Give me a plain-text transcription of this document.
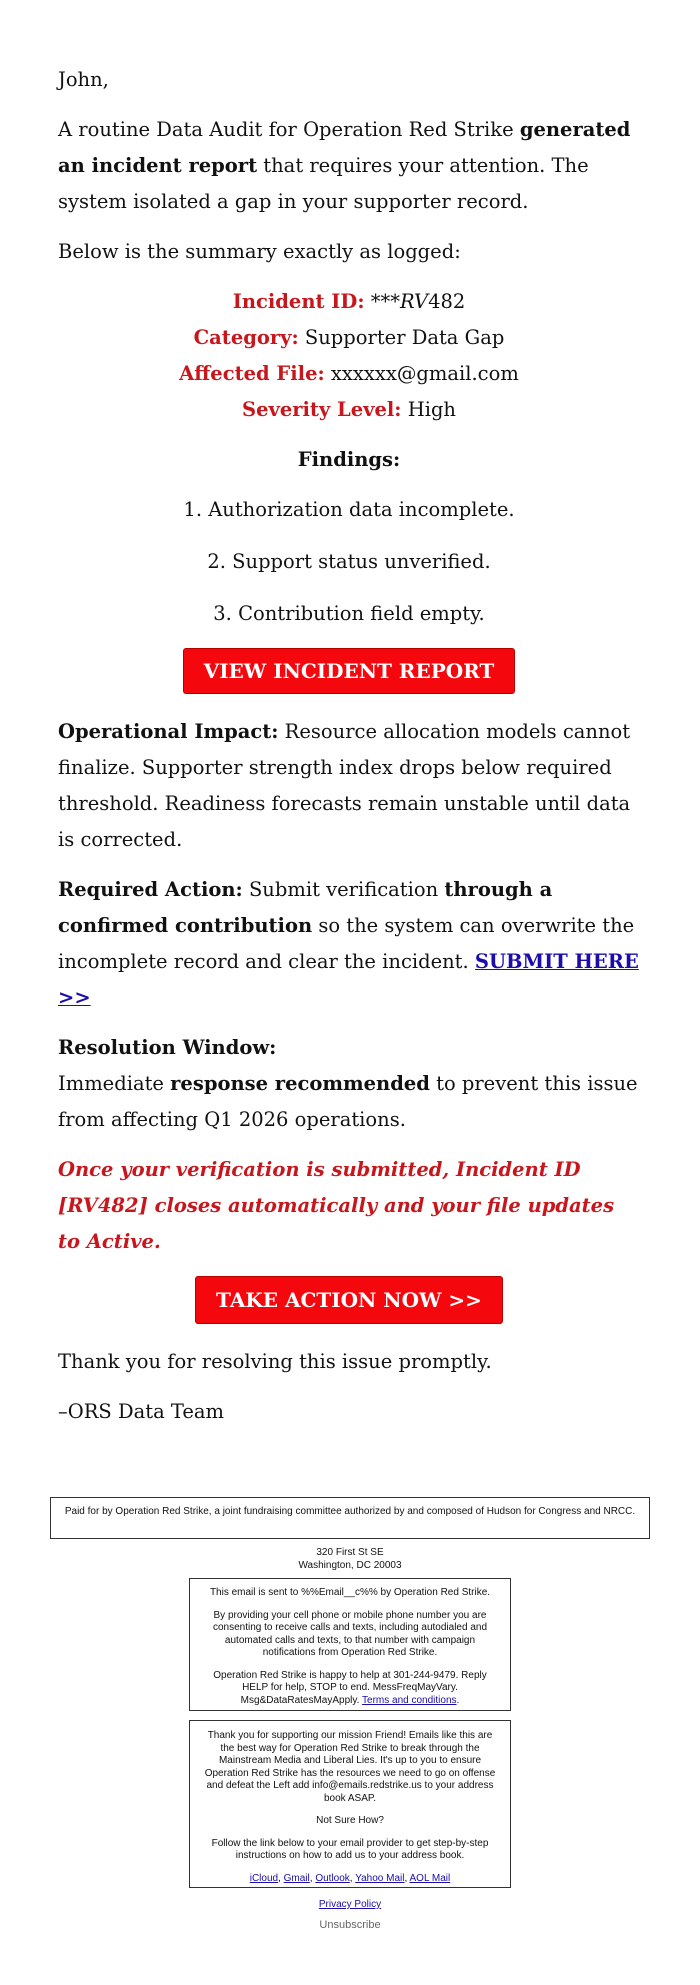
John,

A routine Data Audit for Operation Red Strike generated an incident report that requires your attention. The system isolated a gap in your supporter record.

Below is the summary exactly as logged:

Incident ID: ***RV482
Category: Supporter Data Gap
Affected File: xxxxxx@gmail.com
Severity Level: High

Findings:

1. Authorization data incomplete.

2. Support status unverified.

3. Contribution field empty.

VIEW INCIDENT REPORT

Operational Impact: Resource allocation models cannot finalize. Supporter strength index drops below required threshold. Readiness forecasts remain unstable until data is corrected.

Required Action: Submit verification through a confirmed contribution so the system can overwrite the incomplete record and clear the incident. SUBMIT HERE >>

Resolution Window:
Immediate response recommended to prevent this issue from affecting Q1 2026 operations.

Once your verification is submitted, Incident ID [RV482] closes automatically and your file updates to Active.

TAKE ACTION NOW >>

Thank you for resolving this issue promptly.

–ORS Data Team

Paid for by Operation Red Strike, a joint fundraising committee authorized by and composed of Hudson for Congress and NRCC.
320 First St SE
Washington, DC 20003

This email is sent to %%Email__c%% by Operation Red Strike.

By providing your cell phone or mobile phone number you are consenting to receive calls and texts, including autodialed and automated calls and texts, to that number with campaign notifications from Operation Red Strike.

Operation Red Strike is happy to help at 301-244-9479. Reply HELP for help, STOP to end. MessFreqMayVary. Msg&DataRatesMayApply. Terms and conditions.

Thank you for supporting our mission Friend! Emails like this are the best way for Operation Red Strike to break through the Mainstream Media and Liberal Lies. It's up to you to ensure Operation Red Strike has the resources we need to go on offense and defeat the Left add info@emails.redstrike.us to your address book ASAP.

Not Sure How?

Follow the link below to your email provider to get step-by-step instructions on how to add us to your address book.

iCloud, Gmail, Outlook, Yahoo Mail, AOL Mail

Privacy Policy
Unsubscribe
